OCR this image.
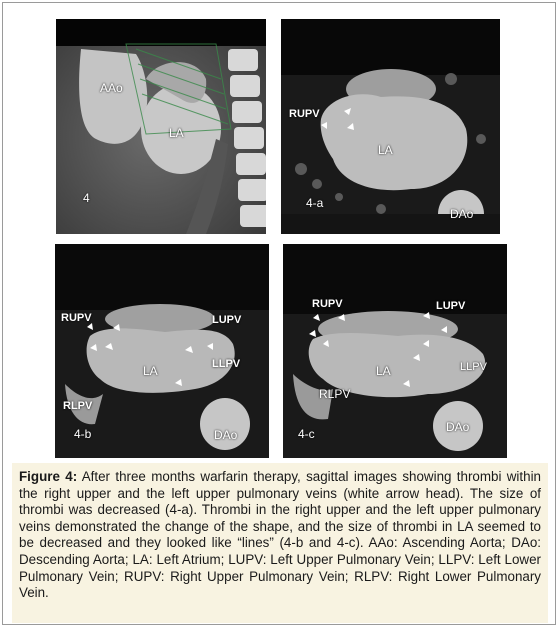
AAo
LA
4
RUPV
LA
4-a
DAo
RUPV	LUPV
LA	LLPV
RLPV
4-b	DAo
RUPV	LUPV
LA	LLPV
RLPV
4-c	DAo
Figure 4: After three months warfarin therapy, sagittal images showing thrombi within the right upper and the left upper pulmonary veins (white arrow head). The size of thrombi was decreased (4-a). Thrombi in the right upper and the left upper pulmonary veins demonstrated the change of the shape, and the size of thrombi in LA seemed to be decreased and they looked like “lines” (4-b and 4-c). AAo: Ascending Aorta; DAo: Descending Aorta; LA: Left Atrium; LUPV: Left Upper Pulmonary Vein; LLPV: Left Lower Pulmonary Vein; RUPV: Right Upper Pulmonary Vein; RLPV: Right Lower Pulmonary Vein.
